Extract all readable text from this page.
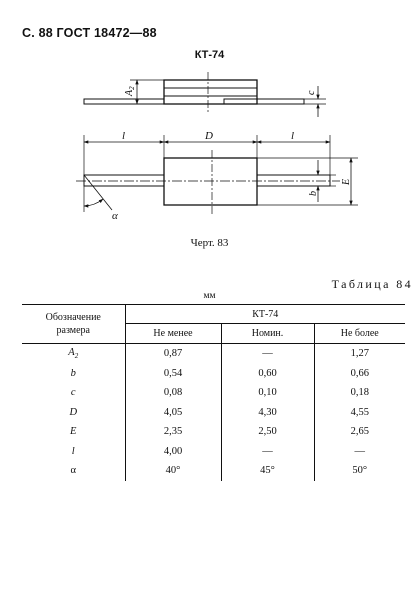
С. 88 ГОСТ 18472—88
КТ-74
$A_2$
c
l	D	l
b
E
α
Черт. 83
Таблица 84
мм
Обозначение размера	КТ-74		
	Не менее	Номин.	Не более
$A_2$	0,87	—	1,27
b	0,54	0,60	0,66
c	0,08	0,10	0,18
D	4,05	4,30	4,55
E	2,35	2,50	2,65
l	4,00	—	—
α	40°	45°	50°
